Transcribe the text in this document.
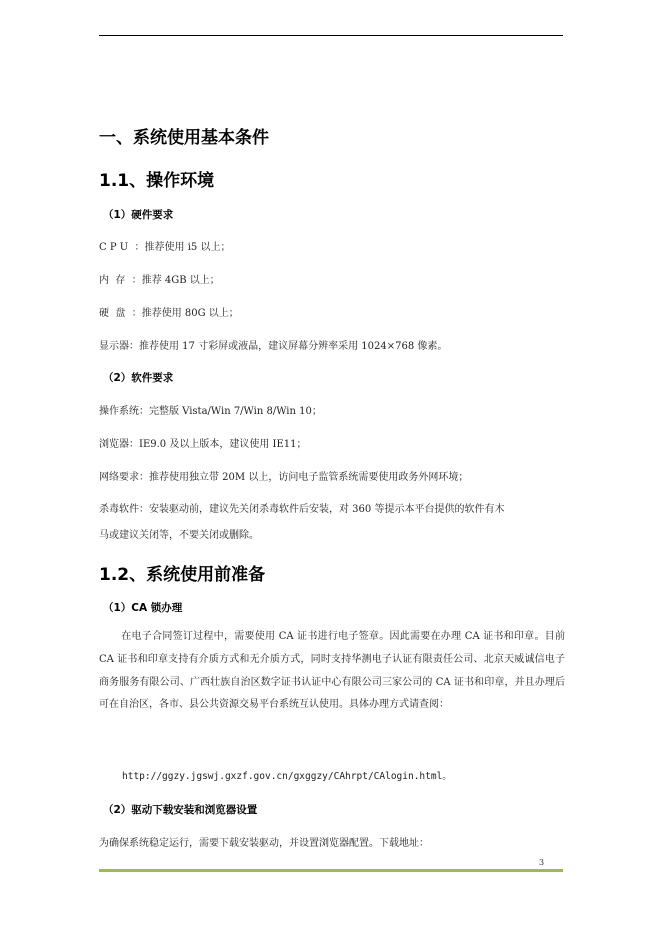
一、系统使用基本条件
1.1、操作环境
（1）硬件要求
C P U  ：推荐使用 i5 以上；
内  存  ：推荐 4GB 以上；
硬  盘  ：推荐使用 80G 以上；
显示器：推荐使用 17 寸彩屏或液晶，建议屏幕分辨率采用 1024×768 像素。
（2）软件要求
操作系统：完整版 Vista/Win 7/Win 8/Win 10；
浏览器：IE9.0 及以上版本，建议使用 IE11；
网络要求：推荐使用独立带 20M 以上，访问电子监管系统需要使用政务外网环境；
杀毒软件：安装驱动前，建议先关闭杀毒软件后安装，对 360 等提示本平台提供的软件有木
马或建议关闭等，不要关闭或删除。
1.2、系统使用前准备
（1）CA 锁办理
在电子合同签订过程中，需要使用 CA 证书进行电子签章。因此需要在办理 CA 证书和印章。目前 CA 证书和印章支持有介质方式和无介质方式，同时支持华测电子认证有限责任公司、北京天威诚信电子商务服务有限公司、广西壮族自治区数字证书认证中心有限公司三家公司的 CA 证书和印章，并且办理后可在自治区，各市、县公共资源交易平台系统互认使用。具体办理方式请查阅：
http://ggzy.jgswj.gxzf.gov.cn/gxggzy/CAhrpt/CAlogin.html。
（2）驱动下载安装和浏览器设置
为确保系统稳定运行，需要下载安装驱动，并设置浏览器配置。下载地址：
3
